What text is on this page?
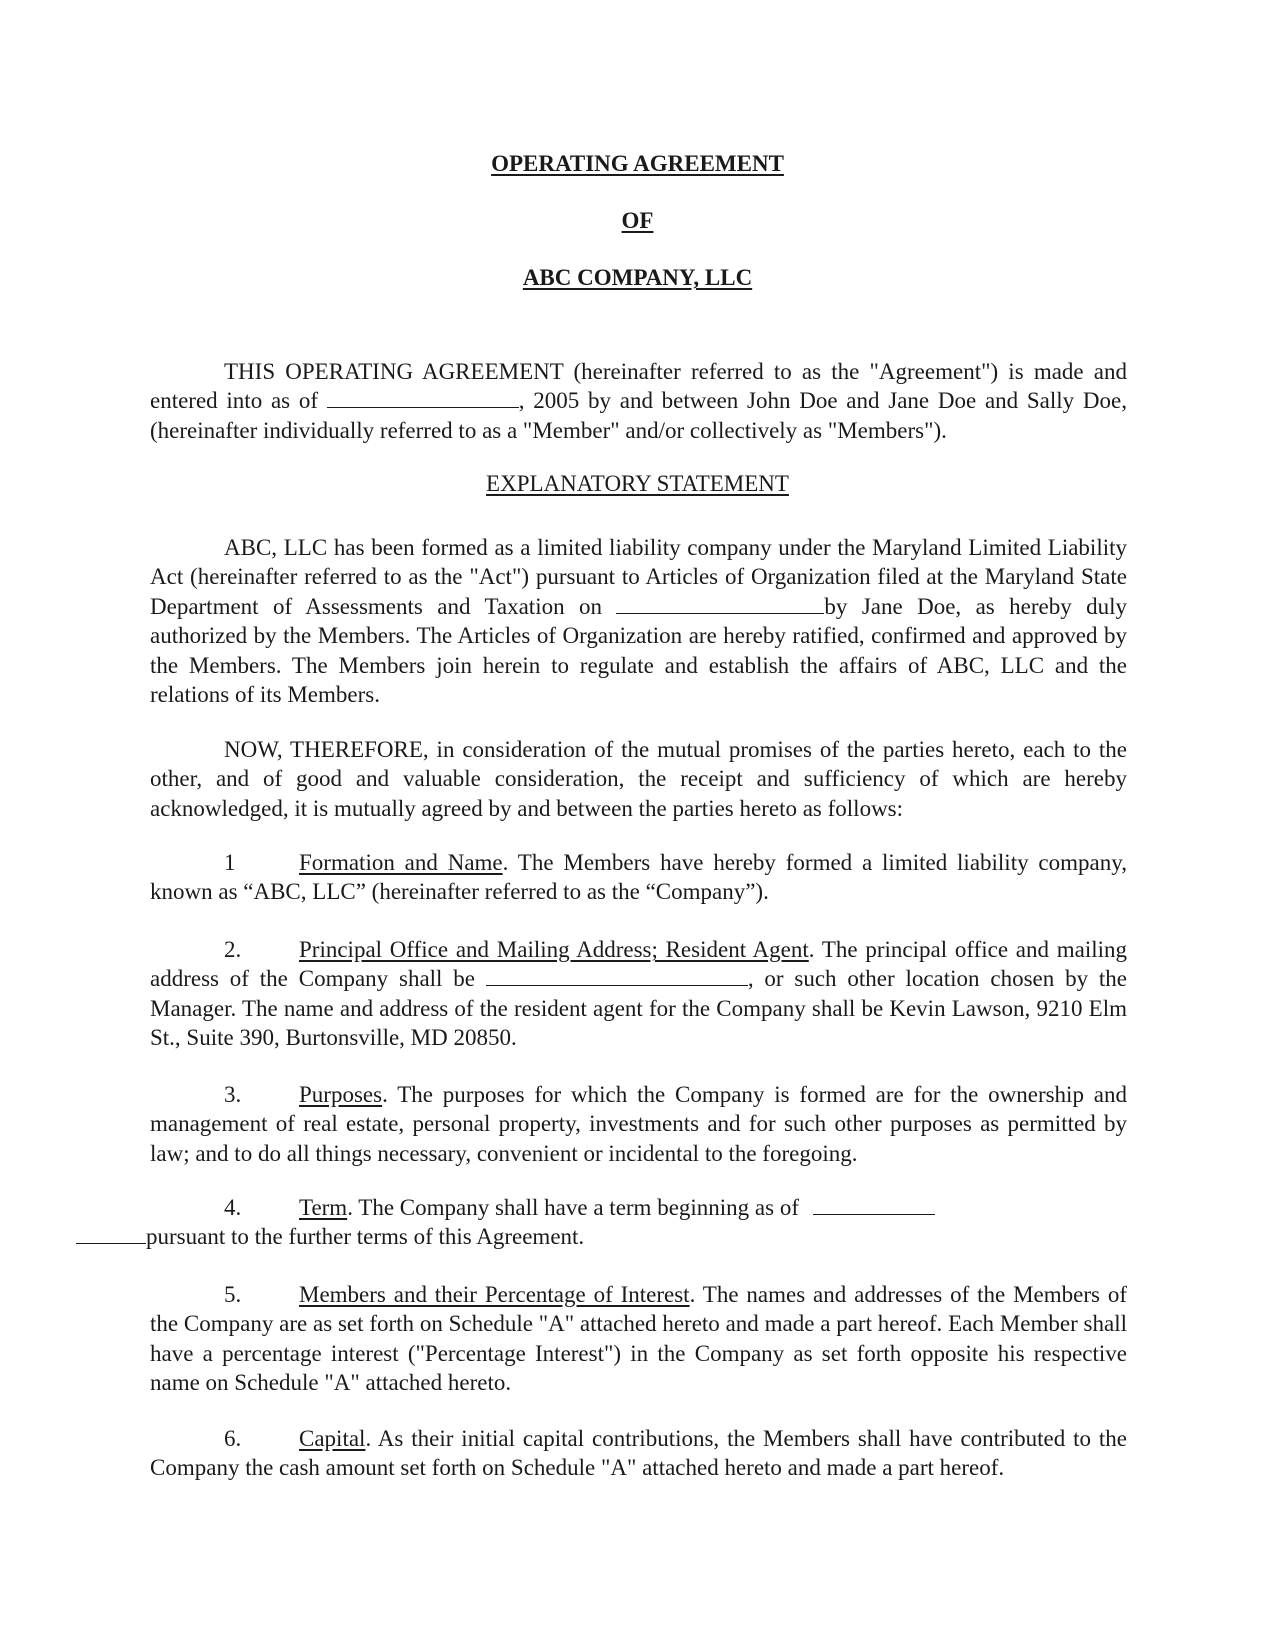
OPERATING AGREEMENT
OF
ABC COMPANY, LLC

THIS OPERATING AGREEMENT (hereinafter referred to as the "Agreement") is made and entered into as of	, 2005 by and between John Doe and Jane Doe and Sally Doe, (hereinafter individually referred to as a "Member" and/or collectively as "Members").

EXPLANATORY STATEMENT

ABC, LLC has been formed as a limited liability company under the Maryland Limited Liability Act (hereinafter referred to as the "Act") pursuant to Articles of Organization filed at the Maryland State Department of Assessments and Taxation on	by Jane Doe, as hereby duly authorized by the Members. The Articles of Organization are hereby ratified, confirmed and approved by the Members. The Members join herein to regulate and establish the affairs of ABC, LLC and the relations of its Members.

NOW, THEREFORE, in consideration of the mutual promises of the parties hereto, each to the other, and of good and valuable consideration, the receipt and sufficiency of which are hereby acknowledged, it is mutually agreed by and between the parties hereto as follows:

1	Formation and Name. The Members have hereby formed a limited liability company, known as “ABC, LLC” (hereinafter referred to as the “Company”).

2.	Principal Office and Mailing Address; Resident Agent. The principal office and mailing address of the Company shall be	, or such other location chosen by the Manager. The name and address of the resident agent for the Company shall be Kevin Lawson, 9210 Elm St., Suite 390, Burtonsville, MD 20850.

3.	Purposes. The purposes for which the Company is formed are for the ownership and management of real estate, personal property, investments and for such other purposes as permitted by law; and to do all things necessary, convenient or incidental to the foregoing.

4.	Term. The Company shall have a term beginning as of
pursuant to the further terms of this Agreement.

5.	Members and their Percentage of Interest. The names and addresses of the Members of the Company are as set forth on Schedule "A" attached hereto and made a part hereof. Each Member shall have a percentage interest ("Percentage Interest") in the Company as set forth opposite his respective name on Schedule "A" attached hereto.

6.	Capital. As their initial capital contributions, the Members shall have contributed to the Company the cash amount set forth on Schedule "A" attached hereto and made a part hereof.
